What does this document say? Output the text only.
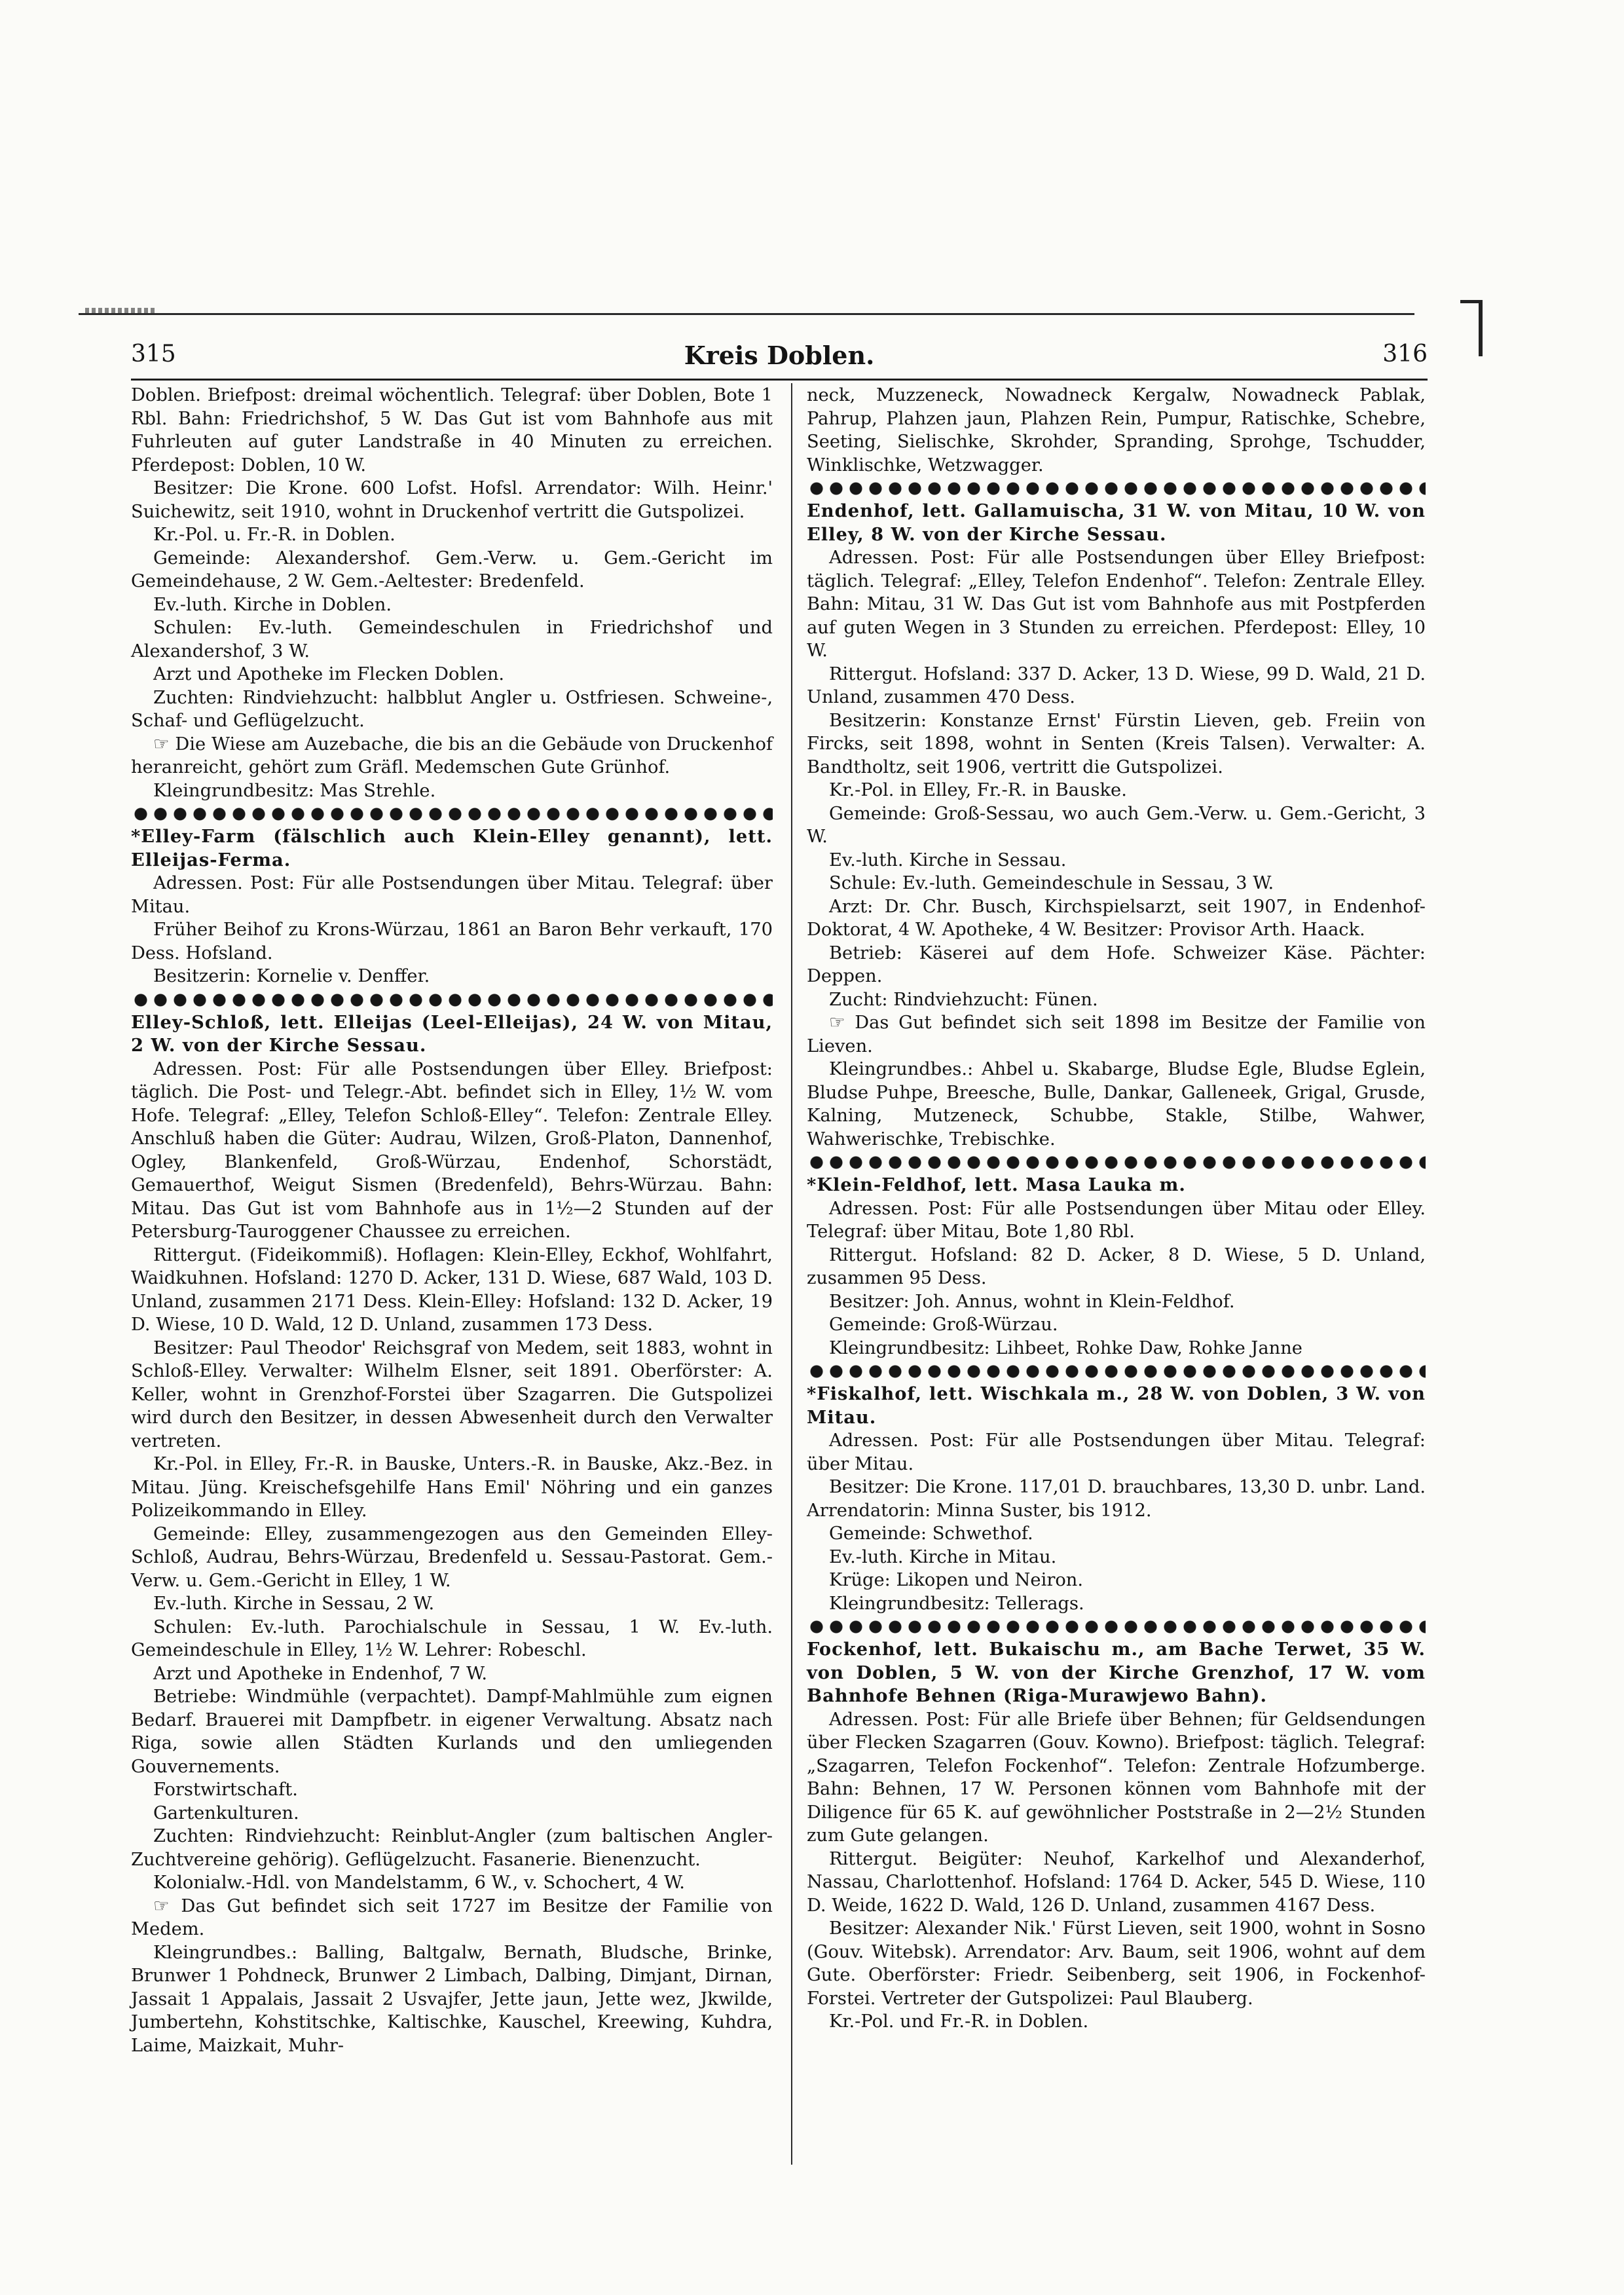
315	Kreis Doblen.	316

Doblen. Briefpost: dreimal wöchentlich. Telegraf: über Doblen, Bote 1 Rbl. Bahn: Friedrichshof, 5 W. Das Gut ist vom Bahnhofe aus mit Fuhrleuten auf guter Landstraße in 40 Minuten zu erreichen. Pferdepost: Doblen, 10 W.

Besitzer: Die Krone. 600 Lofst. Hofsl. Arrendator: Wilh. Heinr.' Suichewitz, seit 1910, wohnt in Druckenhof vertritt die Gutspolizei.

Kr.-Pol. u. Fr.-R. in Doblen.

Gemeinde: Alexandershof. Gem.-Verw. u. Gem.-Gericht im Gemeindehause, 2 W. Gem.-Aeltester: Bredenfeld.

Ev.-luth. Kirche in Doblen.

Schulen: Ev.-luth. Gemeindeschulen in Friedrichshof und Alexandershof, 3 W.

Arzt und Apotheke im Flecken Doblen.

Zuchten: Rindviehzucht: halbblut Angler u. Ostfriesen. Schweine-, Schaf- und Geflügelzucht.

☞ Die Wiese am Auzebache, die bis an die Gebäude von Druckenhof heranreicht, gehört zum Gräfl. Medemschen Gute Grünhof.

Kleingrundbesitz: Mas Strehle.

*Elley-Farm (fälschlich auch Klein-Elley genannt), lett. Elleijas-Ferma.

Adressen. Post: Für alle Postsendungen über Mitau. Telegraf: über Mitau.

Früher Beihof zu Krons-Würzau, 1861 an Baron Behr verkauft, 170 Dess. Hofsland.

Besitzerin: Kornelie v. Denffer.

Elley-Schloß, lett. Elleijas (Leel-Elleijas), 24 W. von Mitau, 2 W. von der Kirche Sessau.

Adressen. Post: Für alle Postsendungen über Elley. Briefpost: täglich. Die Post- und Telegr.-Abt. befindet sich in Elley, 1½ W. vom Hofe. Telegraf: „Elley, Telefon Schloß-Elley“. Telefon: Zentrale Elley. Anschluß haben die Güter: Audrau, Wilzen, Groß-Platon, Dannenhof, Ogley, Blankenfeld, Groß-Würzau, Endenhof, Schorstädt, Gemauerthof, Weigut Sismen (Bredenfeld), Behrs-Würzau. Bahn: Mitau. Das Gut ist vom Bahnhofe aus in 1½—2 Stunden auf der Petersburg-Tauroggener Chaussee zu erreichen.

Rittergut. (Fideikommiß). Hoflagen: Klein-Elley, Eckhof, Wohlfahrt, Waidkuhnen. Hofsland: 1270 D. Acker, 131 D. Wiese, 687 Wald, 103 D. Unland, zusammen 2171 Dess. Klein-Elley: Hofsland: 132 D. Acker, 19 D. Wiese, 10 D. Wald, 12 D. Unland, zusammen 173 Dess.

Besitzer: Paul Theodor' Reichsgraf von Medem, seit 1883, wohnt in Schloß-Elley. Verwalter: Wilhelm Elsner, seit 1891. Oberförster: A. Keller, wohnt in Grenzhof-Forstei über Szagarren. Die Gutspolizei wird durch den Besitzer, in dessen Abwesenheit durch den Verwalter vertreten.

Kr.-Pol. in Elley, Fr.-R. in Bauske, Unters.-R. in Bauske, Akz.-Bez. in Mitau. Jüng. Kreischefsgehilfe Hans Emil' Nöhring und ein ganzes Polizeikommando in Elley.

Gemeinde: Elley, zusammengezogen aus den Gemeinden Elley-Schloß, Audrau, Behrs-Würzau, Bredenfeld u. Sessau-Pastorat. Gem.-Verw. u. Gem.-Gericht in Elley, 1 W.

Ev.-luth. Kirche in Sessau, 2 W.

Schulen: Ev.-luth. Parochialschule in Sessau, 1 W. Ev.-luth. Gemeindeschule in Elley, 1½ W. Lehrer: Robeschl.

Arzt und Apotheke in Endenhof, 7 W.

Betriebe: Windmühle (verpachtet). Dampf-Mahlmühle zum eignen Bedarf. Brauerei mit Dampfbetr. in eigener Verwaltung. Absatz nach Riga, sowie allen Städten Kurlands und den umliegenden Gouvernements.

Forstwirtschaft.

Gartenkulturen.

Zuchten: Rindviehzucht: Reinblut-Angler (zum baltischen Angler-Zuchtvereine gehörig). Geflügelzucht. Fasanerie. Bienenzucht.

Kolonialw.-Hdl. von Mandelstamm, 6 W., v. Schochert, 4 W.

☞ Das Gut befindet sich seit 1727 im Besitze der Familie von Medem.

Kleingrundbes.: Balling, Baltgalw, Bernath, Bludsche, Brinke, Brunwer 1 Pohdneck, Brunwer 2 Limbach, Dalbing, Dimjant, Dirnan, Jassait 1 Appalais, Jassait 2 Usvajfer, Jette jaun, Jette wez, Jkwilde, Jumbertehn, Kohstitschke, Kaltischke, Kauschel, Kreewing, Kuhdra, Laime, Maizkait, Muhr-

neck, Muzzeneck, Nowadneck Kergalw, Nowadneck Pablak, Pahrup, Plahzen jaun, Plahzen Rein, Pumpur, Ratischke, Schebre, Seeting, Sielischke, Skrohder, Spranding, Sprohge, Tschudder, Winklischke, Wetzwagger.

Endenhof, lett. Gallamuischa, 31 W. von Mitau, 10 W. von Elley, 8 W. von der Kirche Sessau.

Adressen. Post: Für alle Postsendungen über Elley Briefpost: täglich. Telegraf: „Elley, Telefon Endenhof“. Telefon: Zentrale Elley. Bahn: Mitau, 31 W. Das Gut ist vom Bahnhofe aus mit Postpferden auf guten Wegen in 3 Stunden zu erreichen. Pferdepost: Elley, 10 W.

Rittergut. Hofsland: 337 D. Acker, 13 D. Wiese, 99 D. Wald, 21 D. Unland, zusammen 470 Dess.

Besitzerin: Konstanze Ernst' Fürstin Lieven, geb. Freiin von Fircks, seit 1898, wohnt in Senten (Kreis Talsen). Verwalter: A. Bandtholtz, seit 1906, vertritt die Gutspolizei.

Kr.-Pol. in Elley, Fr.-R. in Bauske.

Gemeinde: Groß-Sessau, wo auch Gem.-Verw. u. Gem.-Gericht, 3 W.

Ev.-luth. Kirche in Sessau.

Schule: Ev.-luth. Gemeindeschule in Sessau, 3 W.

Arzt: Dr. Chr. Busch, Kirchspielsarzt, seit 1907, in Endenhof-Doktorat, 4 W. Apotheke, 4 W. Besitzer: Provisor Arth. Haack.

Betrieb: Käserei auf dem Hofe. Schweizer Käse. Pächter: Deppen.

Zucht: Rindviehzucht: Fünen.

☞ Das Gut befindet sich seit 1898 im Besitze der Familie von Lieven.

Kleingrundbes.: Ahbel u. Skabarge, Bludse Egle, Bludse Eglein, Bludse Puhpe, Breesche, Bulle, Dankar, Galleneek, Grigal, Grusde, Kalning, Mutzeneck, Schubbe, Stakle, Stilbe, Wahwer, Wahwerischke, Trebischke.

*Klein-Feldhof, lett. Masa Lauka m.

Adressen. Post: Für alle Postsendungen über Mitau oder Elley. Telegraf: über Mitau, Bote 1,80 Rbl.

Rittergut. Hofsland: 82 D. Acker, 8 D. Wiese, 5 D. Unland, zusammen 95 Dess.

Besitzer: Joh. Annus, wohnt in Klein-Feldhof.

Gemeinde: Groß-Würzau.

Kleingrundbesitz: Lihbeet, Rohke Daw, Rohke Janne

*Fiskalhof, lett. Wischkala m., 28 W. von Doblen, 3 W. von Mitau.

Adressen. Post: Für alle Postsendungen über Mitau. Telegraf: über Mitau.

Besitzer: Die Krone. 117,01 D. brauchbares, 13,30 D. unbr. Land. Arrendatorin: Minna Suster, bis 1912.

Gemeinde: Schwethof.

Ev.-luth. Kirche in Mitau.

Krüge: Likopen und Neiron.

Kleingrundbesitz: Tellerags.

Fockenhof, lett. Bukaischu m., am Bache Terwet, 35 W. von Doblen, 5 W. von der Kirche Grenzhof, 17 W. vom Bahnhofe Behnen (Riga-Murawjewo Bahn).

Adressen. Post: Für alle Briefe über Behnen; für Geldsendungen über Flecken Szagarren (Gouv. Kowno). Briefpost: täglich. Telegraf: „Szagarren, Telefon Fockenhof“. Telefon: Zentrale Hofzumberge. Bahn: Behnen, 17 W. Personen können vom Bahnhofe mit der Diligence für 65 K. auf gewöhnlicher Poststraße in 2—2½ Stunden zum Gute gelangen.

Rittergut. Beigüter: Neuhof, Karkelhof und Alexanderhof, Nassau, Charlottenhof. Hofsland: 1764 D. Acker, 545 D. Wiese, 110 D. Weide, 1622 D. Wald, 126 D. Unland, zusammen 4167 Dess.

Besitzer: Alexander Nik.' Fürst Lieven, seit 1900, wohnt in Sosno (Gouv. Witebsk). Arrendator: Arv. Baum, seit 1906, wohnt auf dem Gute. Oberförster: Friedr. Seibenberg, seit 1906, in Fockenhof-Forstei. Vertreter der Gutspolizei: Paul Blauberg.

Kr.-Pol. und Fr.-R. in Doblen.
